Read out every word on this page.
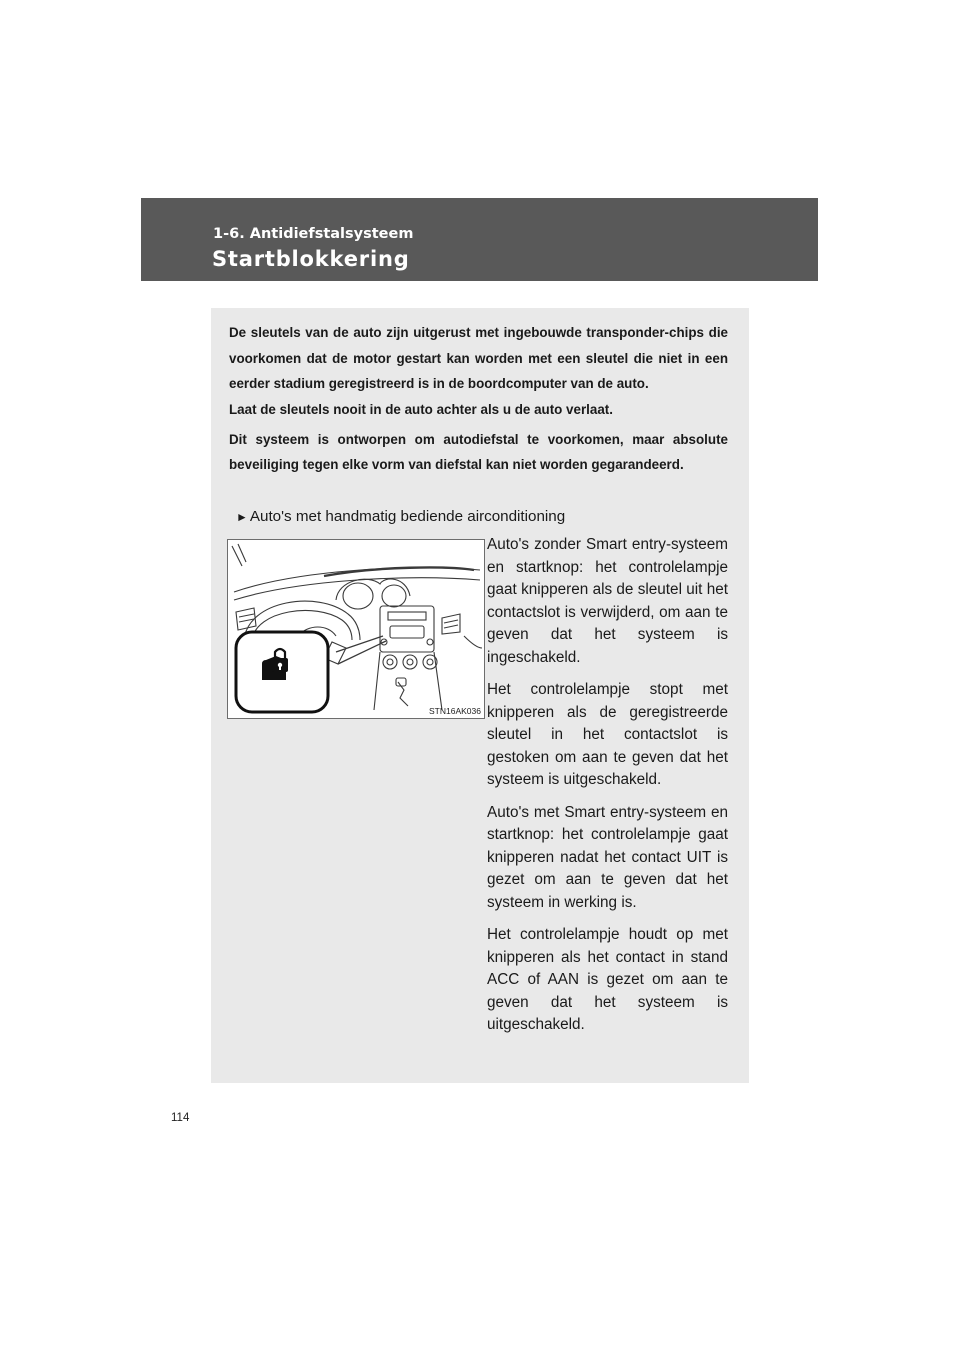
1-6. Antidiefstalsysteem

Startblokkering

De sleutels van de auto zijn uitgerust met ingebouwde transponder-chips die voorkomen dat de motor gestart kan worden met een sleutel die niet in een eerder stadium geregistreerd is in de boordcomputer van de auto.

Laat de sleutels nooit in de auto achter als u de auto verlaat.

Dit systeem is ontworpen om autodiefstal te voorkomen, maar absolute beveiliging tegen elke vorm van diefstal kan niet worden gegarandeerd.

► Auto's met handmatig bediende airconditioning

STN16AK036

Auto's zonder Smart entry-systeem en startknop: het controlelampje gaat knipperen als de sleutel uit het contactslot is verwijderd, om aan te geven dat het systeem is ingeschakeld.

Het controlelampje stopt met knipperen als de geregistreerde sleutel in het contactslot is gestoken om aan te geven dat het systeem is uitgeschakeld.

Auto's met Smart entry-systeem en startknop: het controlelampje gaat knipperen nadat het contact UIT is gezet om aan te geven dat het systeem in werking is.

Het controlelampje houdt op met knipperen als het contact in stand ACC of AAN is gezet om aan te geven dat het systeem is uitgeschakeld.

114
